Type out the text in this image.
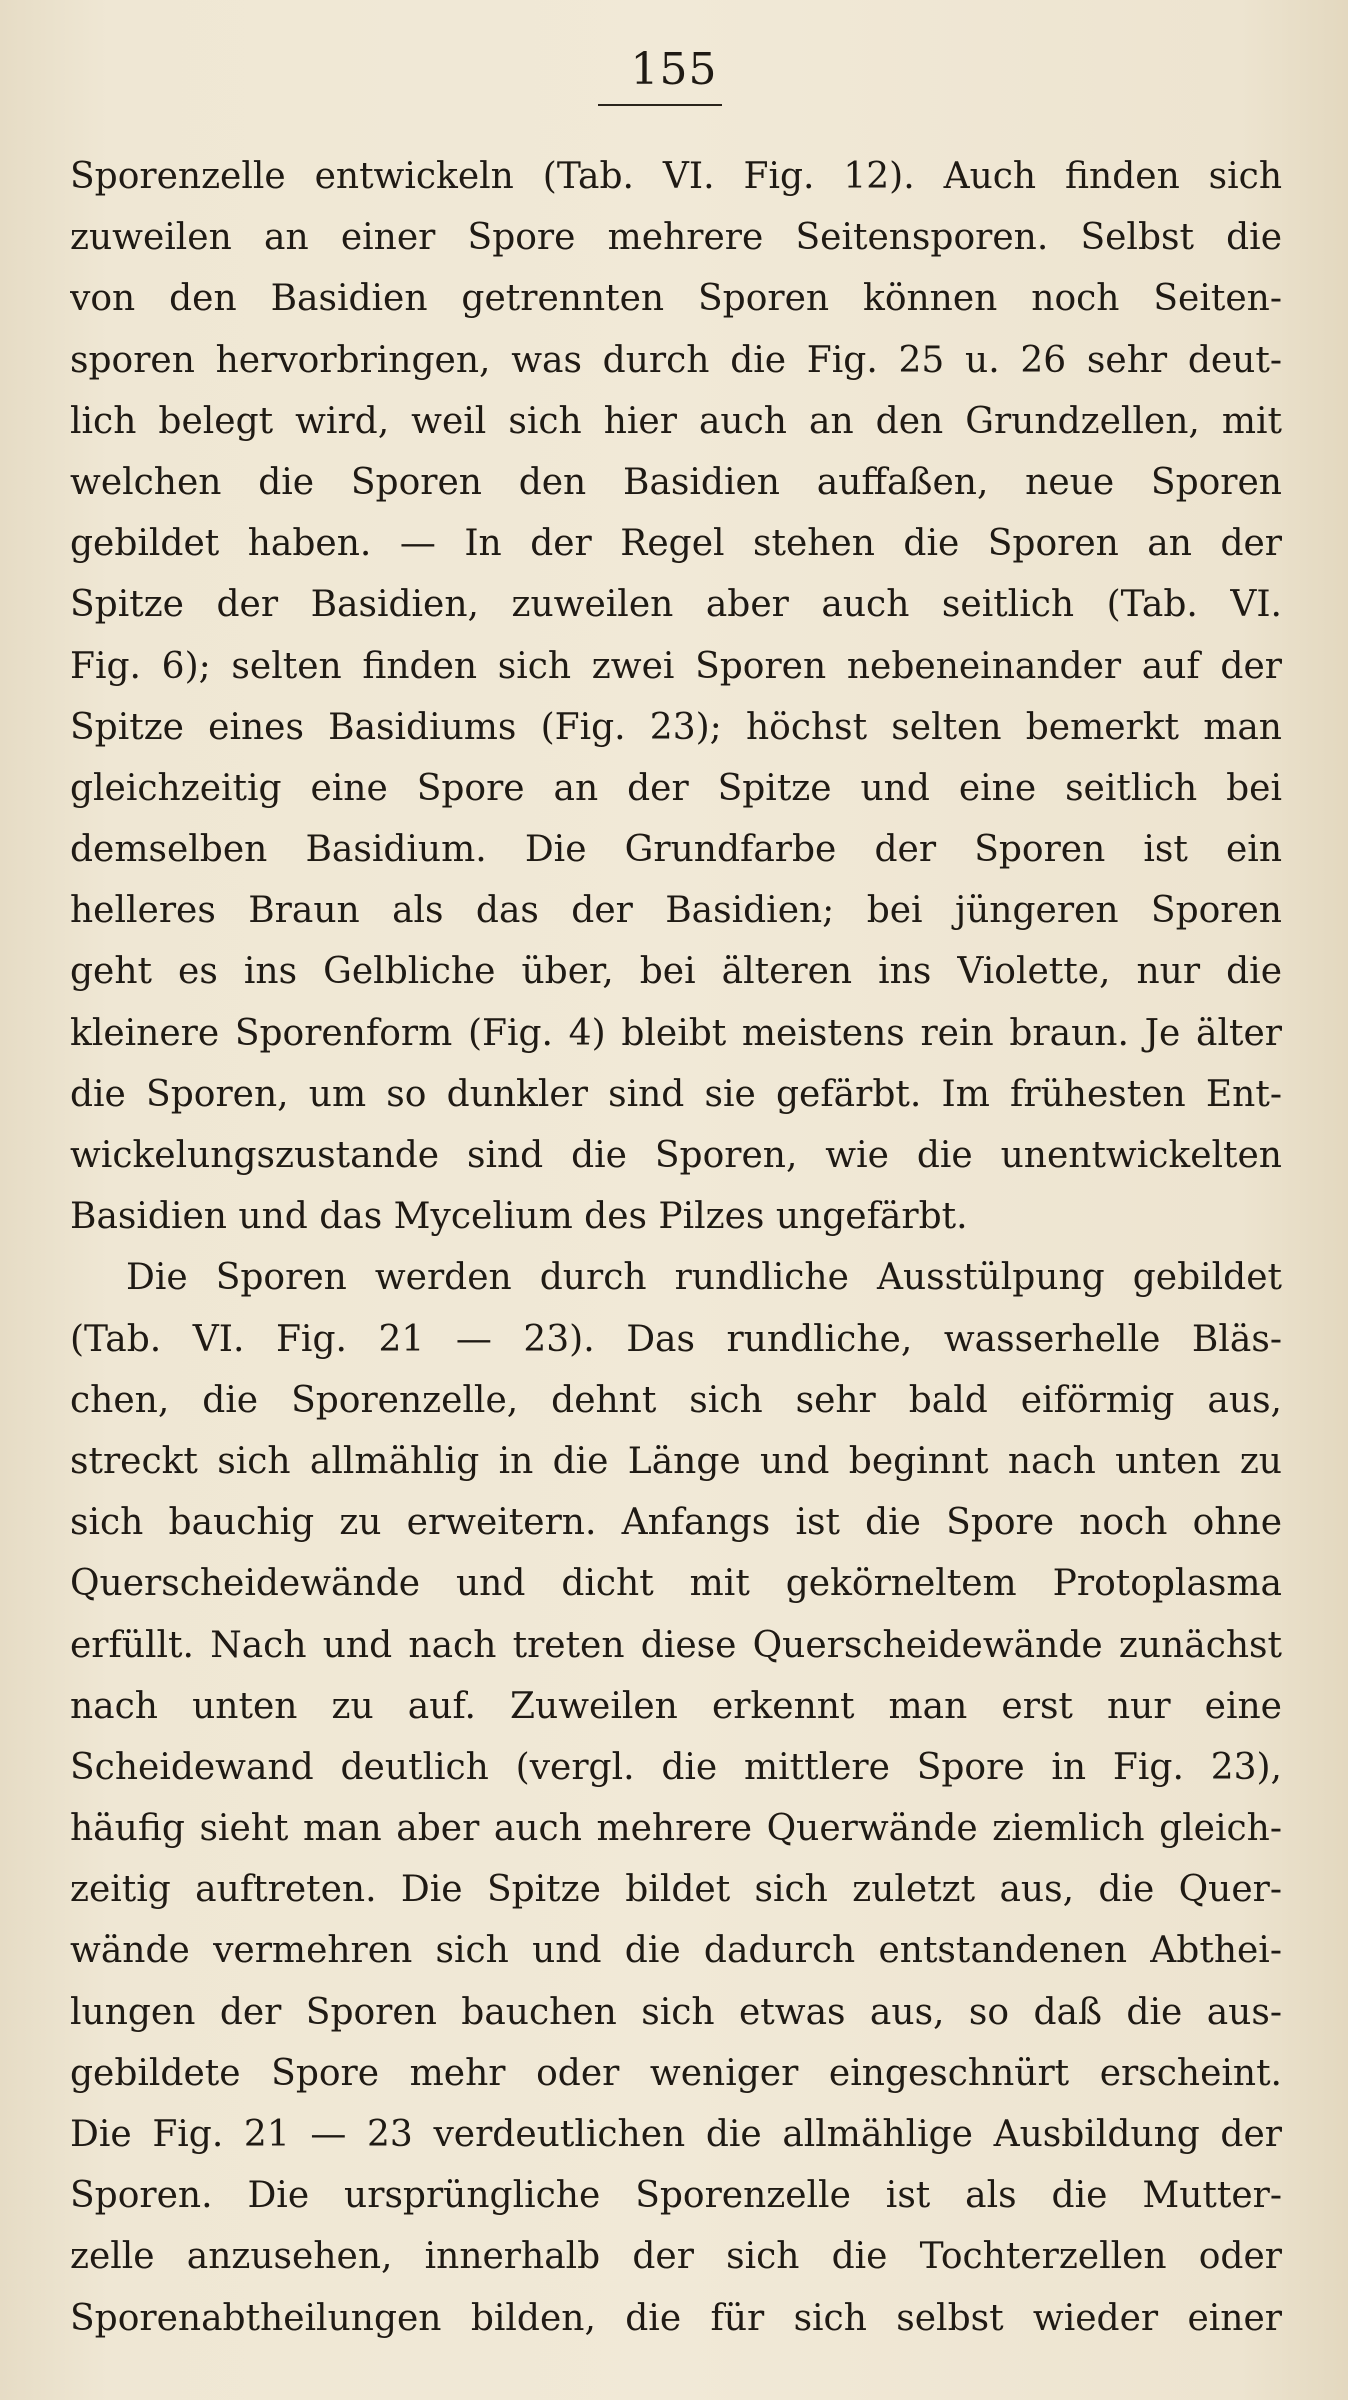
155
Sporenzelle entwickeln (Tab. VI. Fig. 12). Auch finden sich
zuweilen an einer Spore mehrere Seitensporen. Selbst die
von den Basidien getrennten Sporen können noch Seiten-
sporen hervorbringen, was durch die Fig. 25 u. 26 sehr deut-
lich belegt wird, weil sich hier auch an den Grundzellen, mit
welchen die Sporen den Basidien auffaßen, neue Sporen
gebildet haben. — In der Regel stehen die Sporen an der
Spitze der Basidien, zuweilen aber auch seitlich (Tab. VI.
Fig. 6); selten finden sich zwei Sporen nebeneinander auf der
Spitze eines Basidiums (Fig. 23); höchst selten bemerkt man
gleichzeitig eine Spore an der Spitze und eine seitlich bei
demselben Basidium. Die Grundfarbe der Sporen ist ein
helleres Braun als das der Basidien; bei jüngeren Sporen
geht es ins Gelbliche über, bei älteren ins Violette, nur die
kleinere Sporenform (Fig. 4) bleibt meistens rein braun. Je älter
die Sporen, um so dunkler sind sie gefärbt. Im frühesten Ent-
wickelungszustande sind die Sporen, wie die unentwickelten
Basidien und das Mycelium des Pilzes ungefärbt.
Die Sporen werden durch rundliche Ausstülpung gebildet
(Tab. VI. Fig. 21 — 23). Das rundliche, wasserhelle Bläs-
chen, die Sporenzelle, dehnt sich sehr bald eiförmig aus,
streckt sich allmählig in die Länge und beginnt nach unten zu
sich bauchig zu erweitern. Anfangs ist die Spore noch ohne
Querscheidewände und dicht mit gekörneltem Protoplasma
erfüllt. Nach und nach treten diese Querscheidewände zunächst
nach unten zu auf. Zuweilen erkennt man erst nur eine
Scheidewand deutlich (vergl. die mittlere Spore in Fig. 23),
häufig sieht man aber auch mehrere Querwände ziemlich gleich-
zeitig auftreten. Die Spitze bildet sich zuletzt aus, die Quer-
wände vermehren sich und die dadurch entstandenen Abthei-
lungen der Sporen bauchen sich etwas aus, so daß die aus-
gebildete Spore mehr oder weniger eingeschnürt erscheint.
Die Fig. 21 — 23 verdeutlichen die allmählige Ausbildung der
Sporen. Die ursprüngliche Sporenzelle ist als die Mutter-
zelle anzusehen, innerhalb der sich die Tochterzellen oder
Sporenabtheilungen bilden, die für sich selbst wieder einer
